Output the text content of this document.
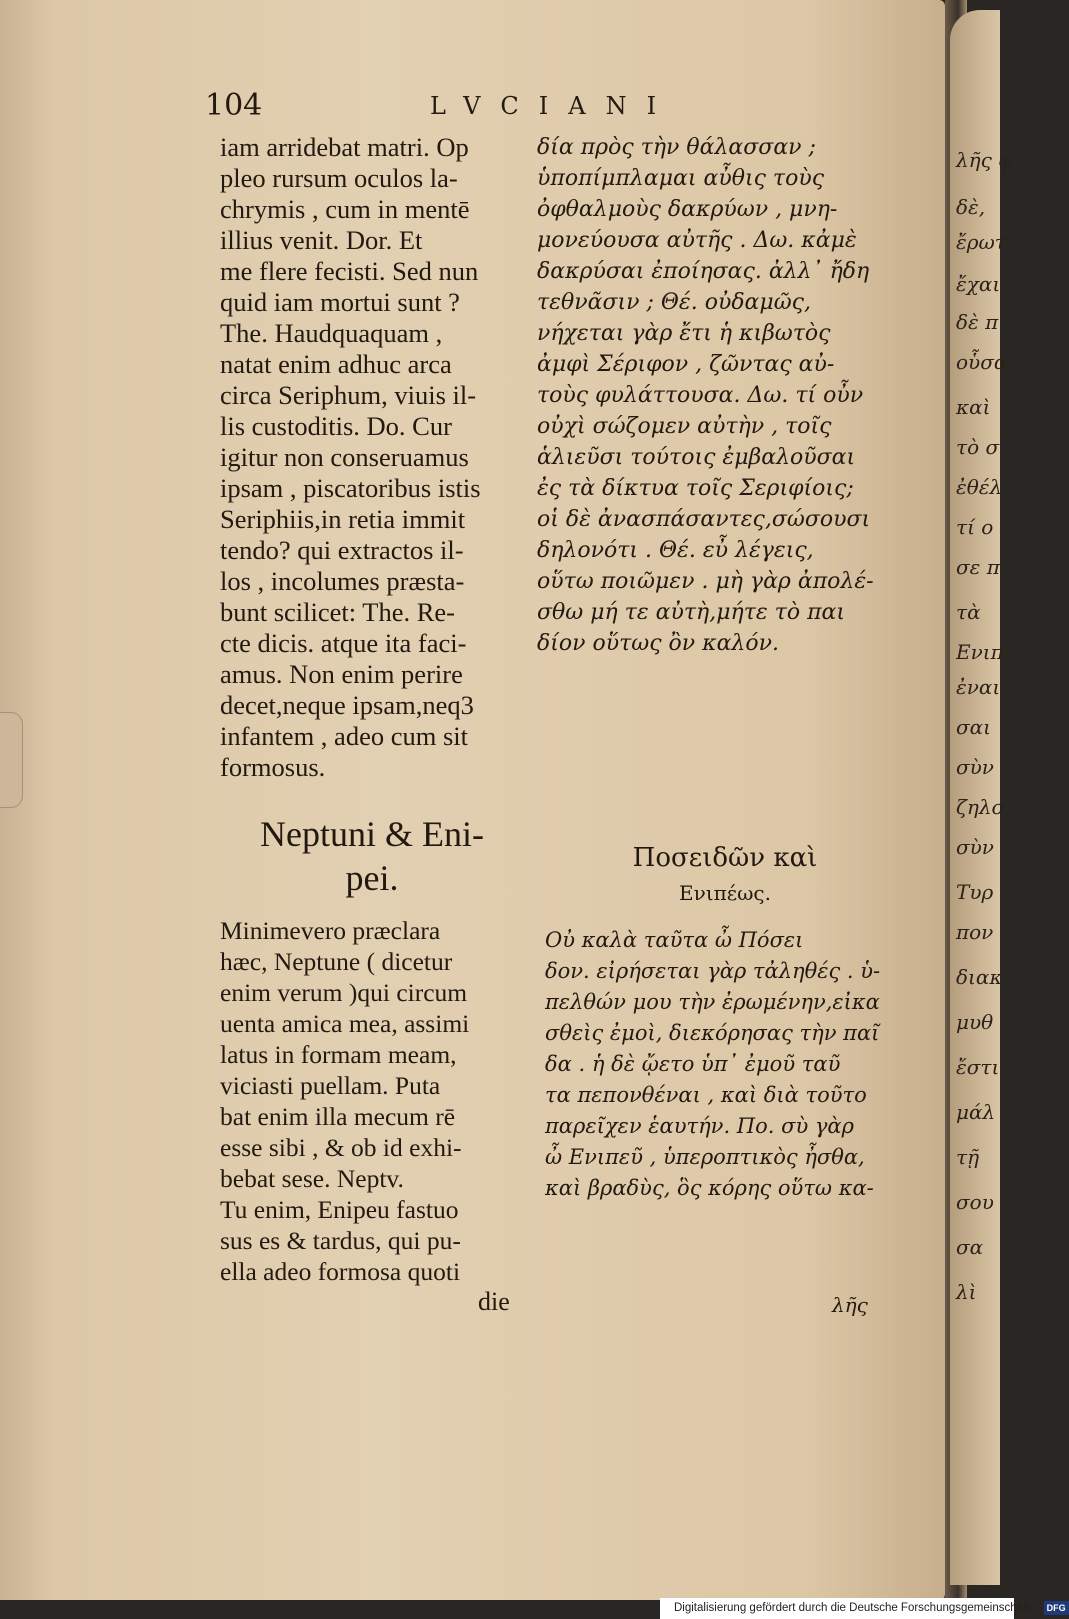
104	LVCIANI
iam arridebat matri. Op
pleo rursum oculos la-
chrymis , cum in mentē
illius venit. Dor. Et
me flere fecisti. Sed nun
quid iam mortui sunt ?
The. Haudquaquam ,
natat enim adhuc arca
circa Seriphum, viuis il-
lis custoditis. Do. Cur
igitur non conseruamus
ipsam , piscatoribus istis
Seriphiis,in retia immit
tendo? qui extractos il-
los , incolumes præsta-
bunt scilicet: The. Re-
cte dicis. atque ita faci-
amus. Non enim perire
decet,neque ipsam,neq3
infantem , adeo cum sit
formosus.
δία πρὸς τὴν θάλασσαν ;
ὑποπίμπλαμαι αὖθις τοὺς
ὀφθαλμοὺς δακρύων , μνη-
μονεύουσα αὐτῆς . Δω. κἀμὲ
δακρύσαι ἐποίησας. ἀλλ᾽ ἤδη
τεθνᾶσιν ; Θέ. οὐδαμῶς,
νήχεται γὰρ ἔτι ἡ κιβωτὸς
ἀμφὶ Σέριφον , ζῶντας αὐ-
τοὺς φυλάττουσα. Δω. τί οὖν
οὐχὶ σώζομεν αὐτὴν , τοῖς
ἁλιεῦσι τούτοις ἐμβαλοῦσαι
ἐς τὰ δίκτυα τοῖς Σεριφίοις;
οἱ δὲ ἀνασπάσαντες,σώσουσι
δηλονότι . Θέ. εὖ λέγεις,
οὕτω ποιῶμεν . μὴ γὰρ ἀπολέ-
σθω μή τε αὐτὴ,μήτε τὸ παι
δίον οὕτως ὂν καλόν.
Neptuni & Eni-
pei.	Ποσειδῶν καὶ
Ενιπέως.
Minimevero præclara
hæc, Neptune ( dicetur
enim verum )qui circum
uenta amica mea, assimi
latus in formam meam,
viciasti puellam. Puta
bat enim illa mecum rē
esse sibi , & ob id exhi-
bebat sese. Neptv.
Tu enim, Enipeu fastuo
sus es & tardus, qui pu-
ella adeo formosa quoti
Οὐ καλὰ ταῦτα ὦ Πόσει
δον. εἰρήσεται γὰρ τἀληθές . ὑ-
πελθών μου τὴν ἐρωμένην,εἰκα
σθεὶς ἐμοὶ, διεκόρησας τὴν παῖ
δα . ἡ δὲ ᾤετο ὑπ᾽ ἐμοῦ ταῦ
τα πεπονθέναι , καὶ διὰ τοῦτο
παρεῖχεν ἑαυτήν. Πο. σὺ γὰρ
ὦ Ενιπεῦ , ὑπεροπτικὸς ἦσθα,
καὶ βραδὺς, ὃς κόρης οὕτω κα-
die	λῆς
λῆς φ
δὲ,
ἔρωτ
ἔχαι
δὲ π
οὗσα
καὶ
τὸ σ
ἐθέλ
τί ο
σε π
τὰ
Ενιπ
ἐναι
σαι
σὺν
ζηλο
σὺν
Τυρ
πον
διακ
μυθ
ἔστι
μάλ
τῇ
σου
σα
λὶ
Digitalisierung gefördert durch die Deutsche Forschungsgemeinschaft · DFG
